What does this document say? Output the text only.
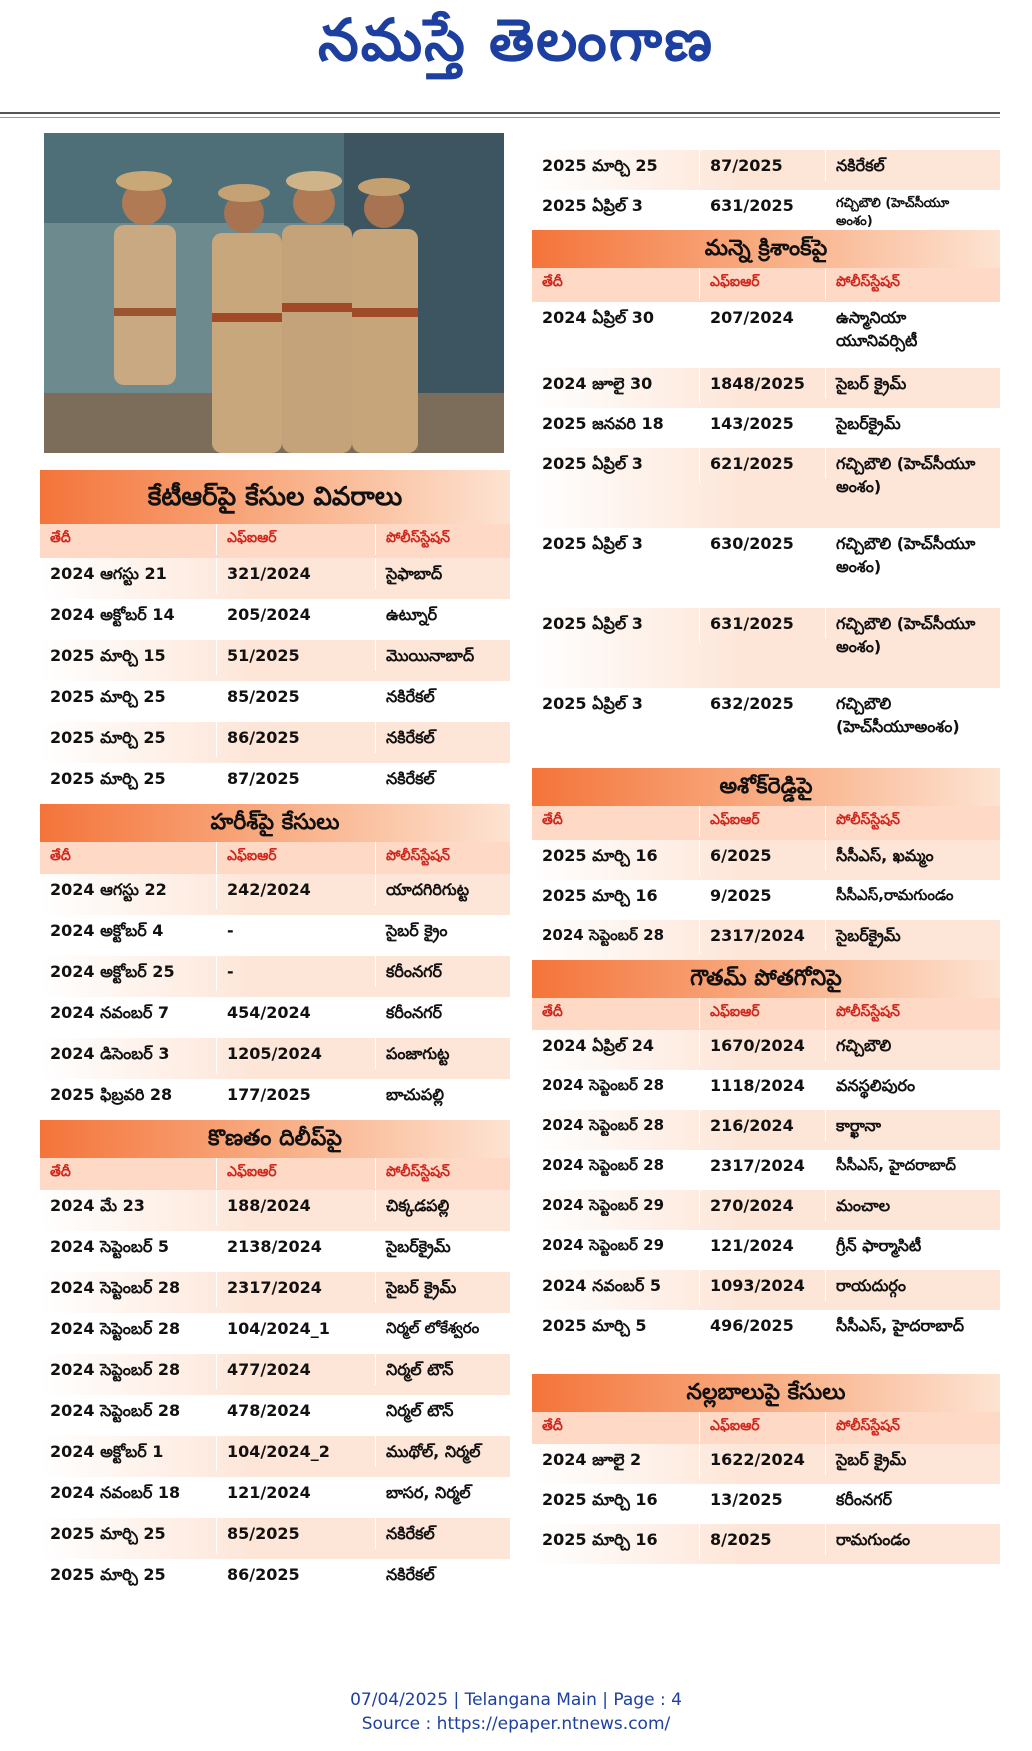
నమస్తే తెలంగాణ
కేటీఆర్‌పై కేసుల వివరాలు
తేదీ	ఎఫ్‌ఐఆర్‌	పోలీస్‌స్టేషన్‌
2024 ఆగస్టు 21	321/2024	సైఫాబాద్‌
2024 అక్టోబర్‌ 14	205/2024	ఉట్నూర్‌
2025 మార్చి 15	51/2025	మొయినాబాద్‌
2025 మార్చి 25	85/2025	నకిరేకల్‌
2025 మార్చి 25	86/2025	నకిరేకల్‌
2025 మార్చి 25	87/2025	నకిరేకల్‌
హరీశ్‌పై కేసులు
తేదీ	ఎఫ్‌ఐఆర్‌	పోలీస్‌స్టేషన్‌
2024 ఆగస్టు 22	242/2024	యాదగిరిగుట్ట
2024 అక్టోబర్‌ 4	-	సైబర్‌ క్రైం
2024 అక్టోబర్‌ 25	-	కరీంనగర్‌
2024 నవంబర్‌ 7	454/2024	కరీంనగర్‌
2024 డిసెంబర్‌ 3	1205/2024	పంజాగుట్ట
2025 ఫిబ్రవరి 28	177/2025	బాచుపల్లి
కొణతం దిలీప్‌పై
తేదీ	ఎఫ్‌ఐఆర్‌	పోలీస్‌స్టేషన్‌
2024 మే 23	188/2024	చిక్కడపల్లి
2024 సెప్టెంబర్‌ 5	2138/2024	సైబర్‌క్రైమ్‌
2024 సెప్టెంబర్‌ 28	2317/2024	సైబర్‌ క్రైమ్‌
2024 సెప్టెంబర్‌ 28	104/2024_1	నిర్మల్‌ లోకేశ్వరం
2024 సెప్టెంబర్‌ 28	477/2024	నిర్మల్‌ టౌన్‌
2024 సెప్టెంబర్‌ 28	478/2024	నిర్మల్‌ టౌన్‌
2024 అక్టోబర్‌ 1	104/2024_2	ముథోల్‌, నిర్మల్‌
2024 నవంబర్‌ 18	121/2024	బాసర, నిర్మల్‌
2025 మార్చి 25	85/2025	నకిరేకల్‌
2025 మార్చి 25	86/2025	నకిరేకల్‌
2025 మార్చి 25	87/2025	నకిరేకల్‌
2025 ఏప్రిల్‌ 3	631/2025	గచ్చిబౌలి (హెచ్‌సీయూ అంశం)
మన్నె క్రిశాంక్‌పై
తేదీ	ఎఫ్‌ఐఆర్‌	పోలీస్‌స్టేషన్‌
2024 ఏప్రిల్‌ 30	207/2024	ఉస్మానియా యూనివర్సిటీ
2024 జూలై 30	1848/2025	సైబర్‌ క్రైమ్‌
2025 జనవరి 18	143/2025	సైబర్‌క్రైమ్‌
2025 ఏప్రిల్‌ 3	621/2025	గచ్చిబౌలి (హెచ్‌సీయూ అంశం)
2025 ఏప్రిల్‌ 3	630/2025	గచ్చిబౌలి (హెచ్‌సీయూ అంశం)
2025 ఏప్రిల్‌ 3	631/2025	గచ్చిబౌలి (హెచ్‌సీయూ అంశం)
2025 ఏప్రిల్‌ 3	632/2025	గచ్చిబౌలి (హెచ్‌సీయూఅంశం)
అశోక్‌రెడ్డిపై
తేదీ	ఎఫ్‌ఐఆర్‌	పోలీస్‌స్టేషన్‌
2025 మార్చి 16	6/2025	సీసీఎస్‌, ఖమ్మం
2025 మార్చి 16	9/2025	సీసీఎస్‌,రామగుండం
2024 సెప్టెంబర్‌ 28	2317/2024	సైబర్‌క్రైమ్‌
గౌతమ్‌ పోతగోనిపై
తేదీ	ఎఫ్‌ఐఆర్‌	పోలీస్‌స్టేషన్‌
2024 ఏప్రిల్‌ 24	1670/2024	గచ్చిబౌలి
2024 సెప్టెంబర్‌ 28	1118/2024	వనస్థలిపురం
2024 సెప్టెంబర్‌ 28	216/2024	కార్ఖానా
2024 సెప్టెంబర్‌ 28	2317/2024	సీసీఎస్‌, హైదరాబాద్‌
2024 సెప్టెంబర్‌ 29	270/2024	మంచాల
2024 సెప్టెంబర్‌ 29	121/2024	గ్రీన్‌ ఫార్మాసిటీ
2024 నవంబర్‌ 5	1093/2024	రాయదుర్గం
2025 మార్చి 5	496/2025	సీసీఎస్‌, హైదరాబాద్‌
నల్లబాలుపై కేసులు
తేదీ	ఎఫ్‌ఐఆర్‌	పోలీస్‌స్టేషన్‌
2024 జూలై 2	1622/2024	సైబర్‌ క్రైమ్‌
2025 మార్చి 16	13/2025	కరీంనగర్‌
2025 మార్చి 16	8/2025	రామగుండం
07/04/2025 | Telangana Main | Page : 4
Source : https://epaper.ntnews.com/
